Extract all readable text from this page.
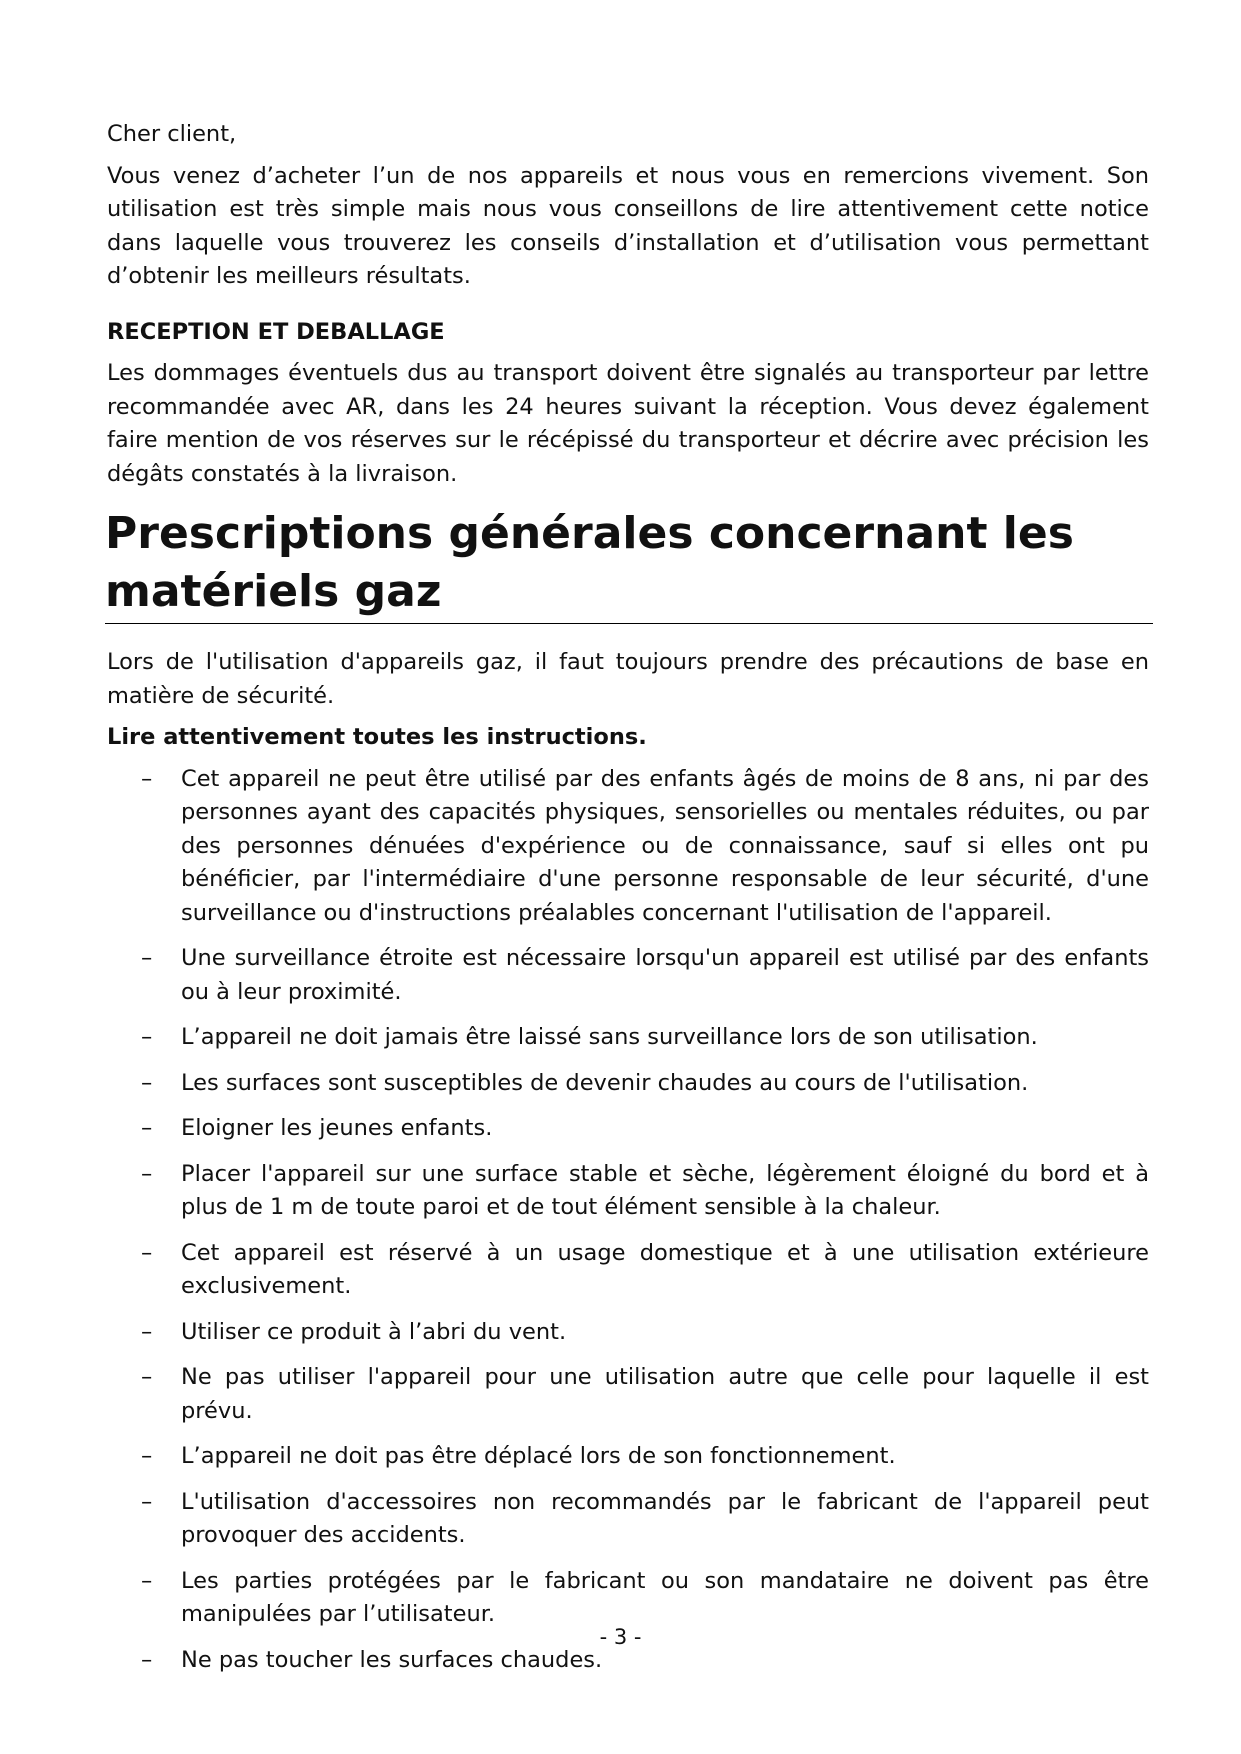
Cher client,

Vous venez d’acheter l’un de nos appareils et nous vous en remercions vivement. Son utilisation est très simple mais nous vous conseillons de lire attentivement cette notice dans laquelle vous trouverez les conseils d’installation et d’utilisation vous permettant d’obtenir les meilleurs résultats.

RECEPTION ET DEBALLAGE

Les dommages éventuels dus au transport doivent être signalés au transporteur par lettre recommandée avec AR, dans les 24 heures suivant la réception. Vous devez également faire mention de vos réserves sur le récépissé du transporteur et décrire avec précision les dégâts constatés à la livraison.

Prescriptions générales concernant les matériels gaz

Lors de l'utilisation d'appareils gaz, il faut toujours prendre des précautions de base en matière de sécurité.

Lire attentivement toutes les instructions.

– Cet appareil ne peut être utilisé par des enfants âgés de moins de 8 ans, ni par des personnes ayant des capacités physiques, sensorielles ou mentales réduites, ou par des personnes dénuées d'expérience ou de connaissance, sauf si elles ont pu bénéficier, par l'intermédiaire d'une personne responsable de leur sécurité, d'une surveillance ou d'instructions préalables concernant l'utilisation de l'appareil.
– Une surveillance étroite est nécessaire lorsqu'un appareil est utilisé par des enfants ou à leur proximité.
– L’appareil ne doit jamais être laissé sans surveillance lors de son utilisation.
– Les surfaces sont susceptibles de devenir chaudes au cours de l'utilisation.
– Eloigner les jeunes enfants.
– Placer l'appareil sur une surface stable et sèche, légèrement éloigné du bord et à plus de 1 m de toute paroi et de tout élément sensible à la chaleur.
– Cet appareil est réservé à un usage domestique et à une utilisation extérieure exclusivement.
– Utiliser ce produit à l’abri du vent.
– Ne pas utiliser l'appareil pour une utilisation autre que celle pour laquelle il est prévu.
– L’appareil ne doit pas être déplacé lors de son fonctionnement.
– L'utilisation d'accessoires non recommandés par le fabricant de l'appareil peut provoquer des accidents.
– Les parties protégées par le fabricant ou son mandataire ne doivent pas être manipulées par l’utilisateur.
– Ne pas toucher les surfaces chaudes.
- 3 -
